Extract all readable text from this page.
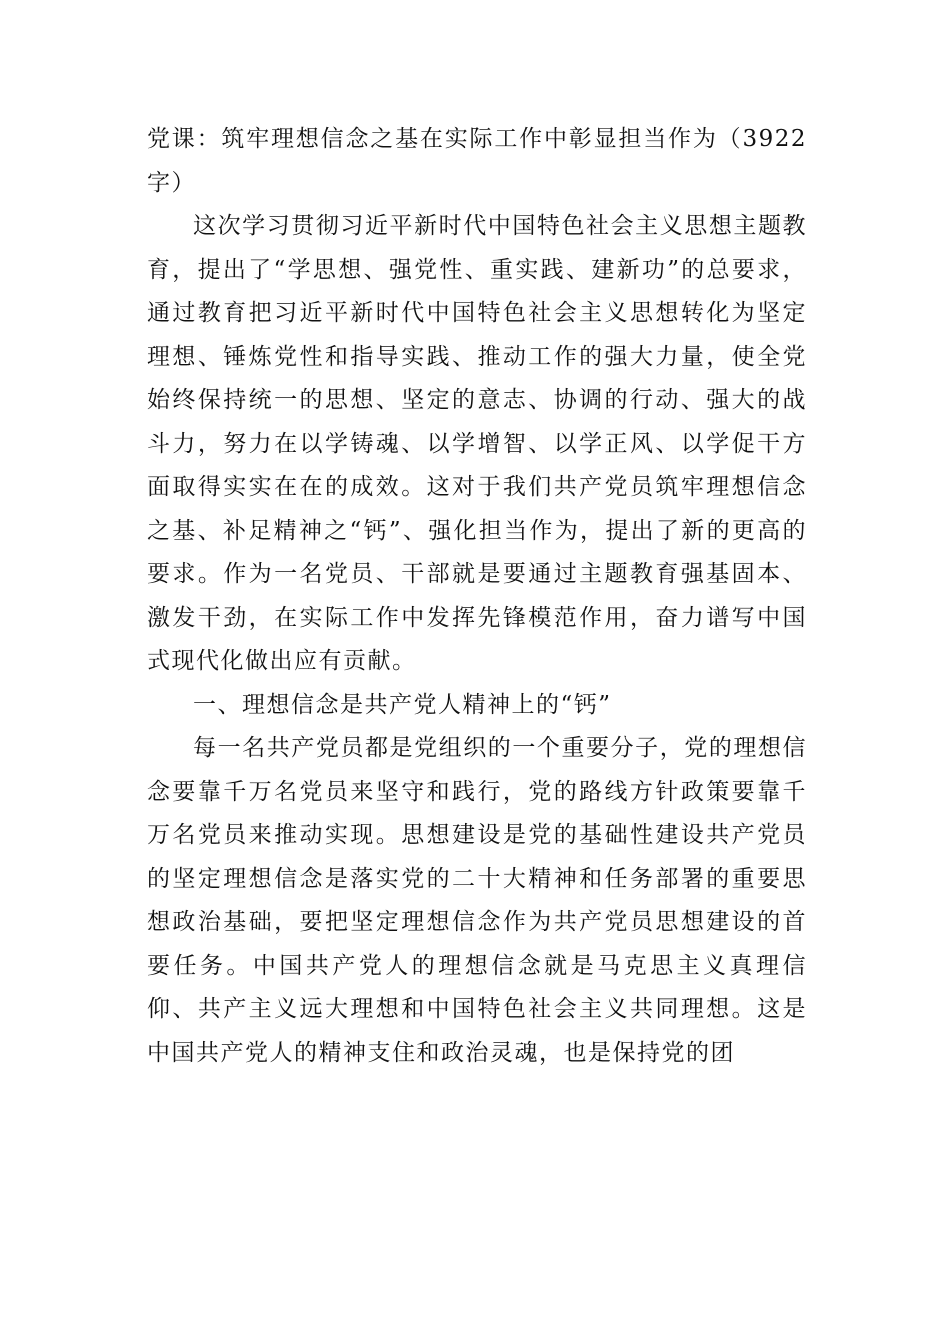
党课：筑牢理想信念之基在实际工作中彰显担当作为（3922字）

这次学习贯彻习近平新时代中国特色社会主义思想主题教育，提出了“学思想、强党性、重实践、建新功”的总要求，通过教育把习近平新时代中国特色社会主义思想转化为坚定理想、锤炼党性和指导实践、推动工作的强大力量，使全党始终保持统一的思想、坚定的意志、协调的行动、强大的战斗力，努力在以学铸魂、以学增智、以学正风、以学促干方面取得实实在在的成效。这对于我们共产党员筑牢理想信念之基、补足精神之“钙”、强化担当作为，提出了新的更高的要求。作为一名党员、干部就是要通过主题教育强基固本、激发干劲，在实际工作中发挥先锋模范作用，奋力谱写中国式现代化做出应有贡献。

一、理想信念是共产党人精神上的“钙”

每一名共产党员都是党组织的一个重要分子，党的理想信念要靠千万名党员来坚守和践行，党的路线方针政策要靠千万名党员来推动实现。思想建设是党的基础性建设共产党员的坚定理想信念是落实党的二十大精神和任务部署的重要思想政治基础，要把坚定理想信念作为共产党员思想建设的首要任务。中国共产党人的理想信念就是马克思主义真理信仰、共产主义远大理想和中国特色社会主义共同理想。这是中国共产党人的精神支住和政治灵魂，也是保持党的团
